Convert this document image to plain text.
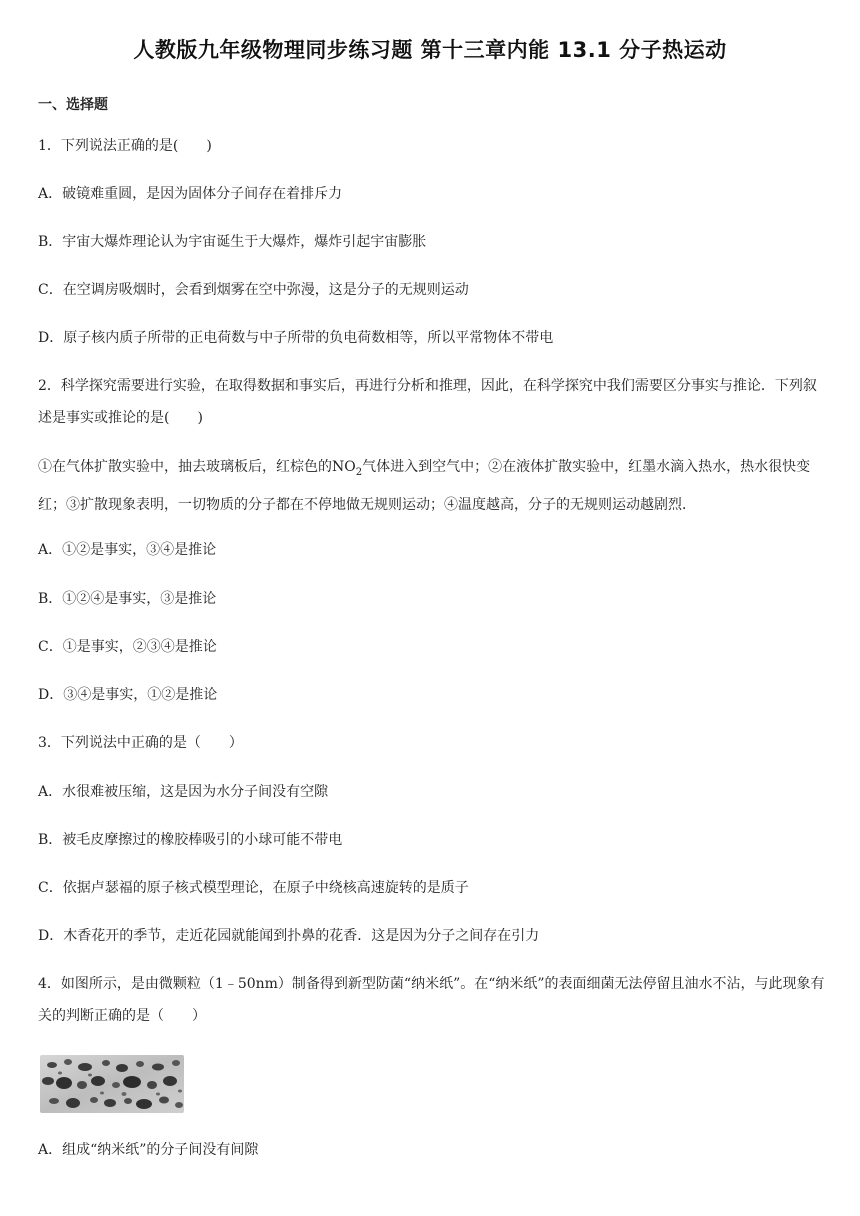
人教版九年级物理同步练习题 第十三章内能 13.1 分子热运动
一、选择题
1．下列说法正确的是(　　)
A．破镜难重圆，是因为固体分子间存在着排斥力
B．宇宙大爆炸理论认为宇宙诞生于大爆炸，爆炸引起宇宙膨胀
C．在空调房吸烟时，会看到烟雾在空中弥漫，这是分子的无规则运动
D．原子核内质子所带的正电荷数与中子所带的负电荷数相等，所以平常物体不带电
2．科学探究需要进行实验，在取得数据和事实后，再进行分析和推理，因此，在科学探究中我们需要区分事实与推论．下列叙述是事实或推论的是(　　)
①在气体扩散实验中，抽去玻璃板后，红棕色的$NO_2$气体进入到空气中；②在液体扩散实验中，红墨水滴入热水，热水很快变红；③扩散现象表明，一切物质的分子都在不停地做无规则运动；④温度越高，分子的无规则运动越剧烈．
A．①②是事实，③④是推论
B．①②④是事实，③是推论
C．①是事实，②③④是推论
D．③④是事实，①②是推论
3．下列说法中正确的是（　　）
A．水很难被压缩，这是因为水分子间没有空隙
B．被毛皮摩擦过的橡胶棒吸引的小球可能不带电
C．依据卢瑟福的原子核式模型理论，在原子中绕核高速旋转的是质子
D．木香花开的季节，走近花园就能闻到扑鼻的花香．这是因为分子之间存在引力
4．如图所示，是由微颗粒（1﹣50nm）制备得到新型防菌“纳米纸”。在“纳米纸”的表面细菌无法停留且油水不沾，与此现象有关的判断正确的是（　　）
A．组成“纳米纸”的分子间没有间隙
